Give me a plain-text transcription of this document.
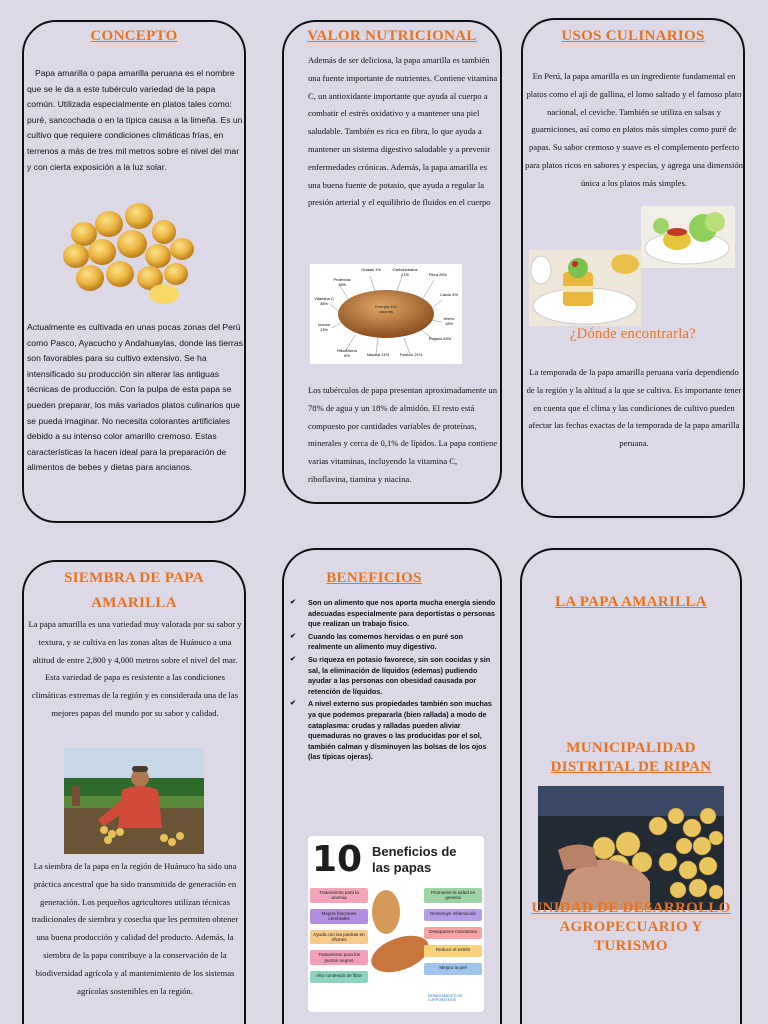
CONCEPTO
Papa amarilla o papa amarilla peruana es el nombre que se le da a este tubérculo variedad de la papa común. Utilizada especialmente en platos tales como: puré, sancochada o en la típica causa a la limeña. Es un cultivo que requiere condiciones climáticas frías, en terrenos a más de tres mil metros sobre el nivel del mar y con cierta exposición a la luz solar.
Actualmente es cultivada en unas pocas zonas del Perú como Pasco, Ayacucho y Andahuaylas, donde las tierras son favorables para su cultivo extensivo. Se ha intensificado su producción sin alterar las antiguas técnicas de producción. Con la pulpa de esta papa se pueden preparar, los más variados platos culinarios que se pueda imaginar. No necesita colorantes artificiales debido a su intenso color amarillo cremoso. Estas características la hacen ideal para la preparación de alimentos de bebes y dietas para ancianos.
VALOR NUTRICIONAL
Además de ser deliciosa, la papa amarilla es también una fuente importante de nutrientes. Contiene vitamina C, un antioxidante importante que ayuda al cuerpo a combatir el estrés oxidativo y a mantener una piel saludable. También es rica en fibra, lo que ayuda a mantener un sistema digestivo saludable y a prevenir enfermedades crónicas. Además, la papa amarilla es una buena fuente de potasio, que ayuda a regular la presión arterial y el equilibrio de fluidos en el cuerpo
Grasas 1%	Carbohidratos 21%	Fibra 26%
Proteínas 18%
Calcio 4%
Vitamina C 48%
Energía 110 calorías
Hierro 18%
Ioonos 13%
Potasio 46%
Riboflavina 6%	Niacina 21%	Fosforo 21%
Los tubérculos de papa presentan aproximadamente un 78% de agua y un 18% de almidón. El resto está compuesto por cantidades variables de proteínas, minerales y cerca de 0,1% de lípidos. La papa contiene varias vitaminas, incluyendo la vitamina C, riboflavina, tiamina y niacina.
USOS CULINARIOS
En Perú, la papa amarilla es un ingrediente fundamental en platos como el ají de gallina, el lomo saltado y el famoso plato nacional, el ceviche. También se utiliza en salsas y guarniciones, así como en platos más simples como puré de papas. Su sabor cremoso y suave es el complemento perfecto para platos ricos en sabores y especias, y agrega una dimensión única a los platos más simples.
¿Dónde encontrarla?
La temporada de la papa amarilla peruana varía dependiendo de la región y la altitud a la que se cultiva. Es importante tener en cuenta que el clima y las condiciones de cultivo pueden afectar las fechas exactas de la temporada de la papa amarilla peruana.
SIEMBRA DE PAPA
AMARILLA
La papa amarilla es una variedad muy valorada por su sabor y textura, y se cultiva en las zonas altas de Huánuco a una altitud de entre 2,800 y 4,000 metros sobre el nivel del mar. Esta variedad de papa es resistente a las condiciones climáticas extremas de la región y es considerada una de las mejores papas del mundo por su sabor y calidad.
La siembra de la papa en la región de Huánuco ha sido una práctica ancestral que ha sido transmitida de generación en generación. Los pequeños agricultores utilizan técnicas tradicionales de siembra y cosecha que les permiten obtener una buena producción y calidad del producto. Además, la siembra de la papa contribuye a la conservación de la biodiversidad agrícola y al mantenimiento de los sistemas agrícolas sostenibles en la región.
BENEFICIOS
✔ Son un alimento que nos aporta mucha energía siendo adecuadas especialmente para deportistas o personas que realizan un trabajo físico.
✔ Cuando las comemos hervidas o en puré son realmente un alimento muy digestivo.
✔ Su riqueza en potasio favorece, sin son cocidas y sin sal, la eliminación de líquidos (edemas) pudiendo ayudar a las personas con obesidad causada por retención de líquidos.
✔ A nivel externo sus propiedades también son muchas ya que podemos prepararla (bien rallada) a modo de cataplasma: crudas y ralladas pueden aliviar quemaduras no graves o las producidas por el sol, también calman y disminuyen las bolsas de los ojos (las típicas ojeras).
10 Beneficios de
las papas
Tratamiento para la anemia
Mejora funciones cerebrales
Ayuda con las piedras en riñones
Tratamiento para los puntos negros
Alto contenido de fibra
Promueve la salud en general
Disminuye inflamación
Desaparece moretones
Reduce el estrés
Mejora la piel
DEPARTAMENTO DE CORPORATIVOS
LA PAPA AMARILLA
MUNICIPALIDAD
DISTRITAL DE RIPAN
UNIDAD DE DESARROLLO
AGROPECUARIO Y
TURISMO
